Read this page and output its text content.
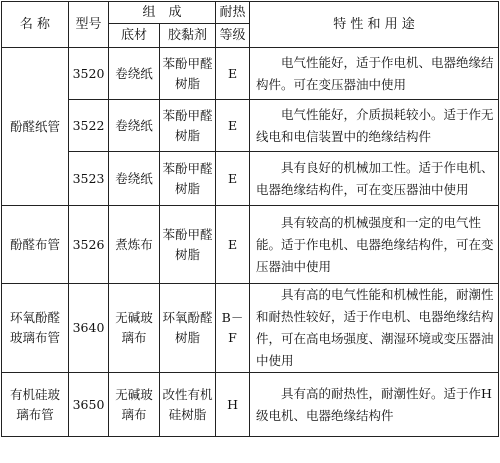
名 称	型号	组　成		耐热	特 性 和 用 途
		底材	胶黏剂	等级	
酚醛纸管	3520	卷绕纸	苯酚甲醛树脂	E	电气性能好，适于作电机、电器绝缘结构件。可在变压器油中使用
	3522	卷绕纸	苯酚甲醛树脂	E	电气性能好，介质损耗较小。适于作无线电和电信装置中的绝缘结构件
	3523	卷绕纸	苯酚甲醛树脂	E	具有良好的机械加工性。适于作电机、电器绝缘结构件，可在变压器油中使用
酚醛布管	3526	煮炼布	苯酚甲醛树脂	E	具有较高的机械强度和一定的电气性能。适于作电机、电器绝缘结构件，可在变压器油中使用
环氧酚醛玻璃布管	3640	无碱玻璃布	环氧酚醛树脂	B－F	具有高的电气性能和机械性能，耐潮性和耐热性较好，适于作电机、电器绝缘结构件，可在高电场强度、潮湿环境或变压器油中使用
有机硅玻璃布管	3650	无碱玻璃布	改性有机硅树脂	H	具有高的耐热性，耐潮性好。适于作H级电机、电器绝缘结构件
